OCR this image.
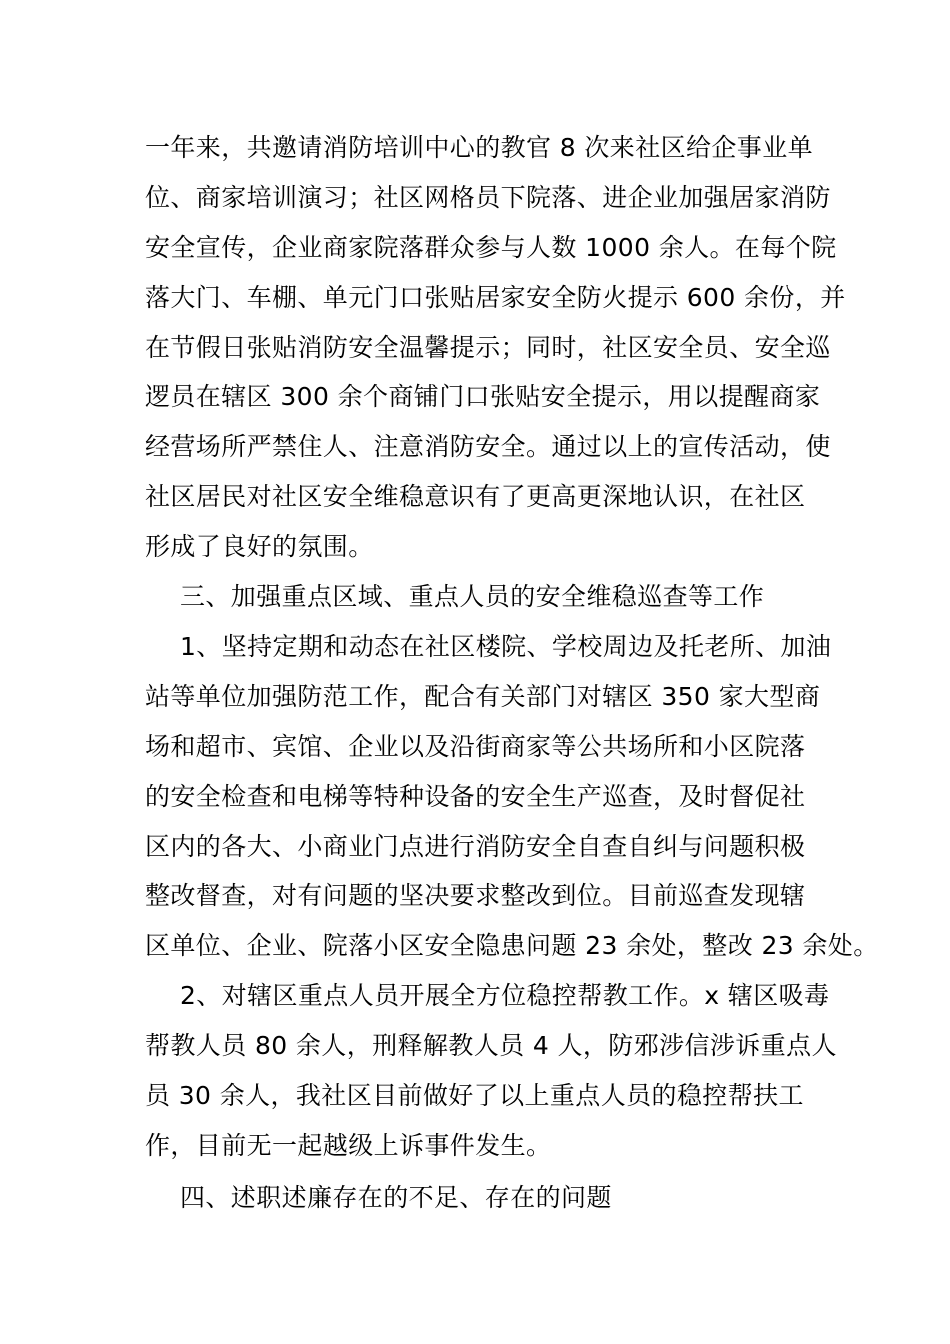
一年来，共邀请消防培训中心的教官 8 次来社区给企事业单
位、商家培训演习；社区网格员下院落、进企业加强居家消防
安全宣传，企业商家院落群众参与人数 1000 余人。在每个院
落大门、车棚、单元门口张贴居家安全防火提示 600 余份，并
在节假日张贴消防安全温馨提示；同时，社区安全员、安全巡
逻员在辖区 300 余个商铺门口张贴安全提示，用以提醒商家
经营场所严禁住人、注意消防安全。通过以上的宣传活动，使
社区居民对社区安全维稳意识有了更高更深地认识，在社区
形成了良好的氛围。
三、加强重点区域、重点人员的安全维稳巡查等工作
1、坚持定期和动态在社区楼院、学校周边及托老所、加油
站等单位加强防范工作，配合有关部门对辖区 350 家大型商
场和超市、宾馆、企业以及沿街商家等公共场所和小区院落
的安全检查和电梯等特种设备的安全生产巡查，及时督促社
区内的各大、小商业门点进行消防安全自查自纠与问题积极
整改督查，对有问题的坚决要求整改到位。目前巡查发现辖
区单位、企业、院落小区安全隐患问题 23 余处，整改 23 余处。
2、对辖区重点人员开展全方位稳控帮教工作。x 辖区吸毒
帮教人员 80 余人，刑释解教人员 4 人，防邪涉信涉诉重点人
员 30 余人，我社区目前做好了以上重点人员的稳控帮扶工
作，目前无一起越级上诉事件发生。
四、述职述廉存在的不足、存在的问题
